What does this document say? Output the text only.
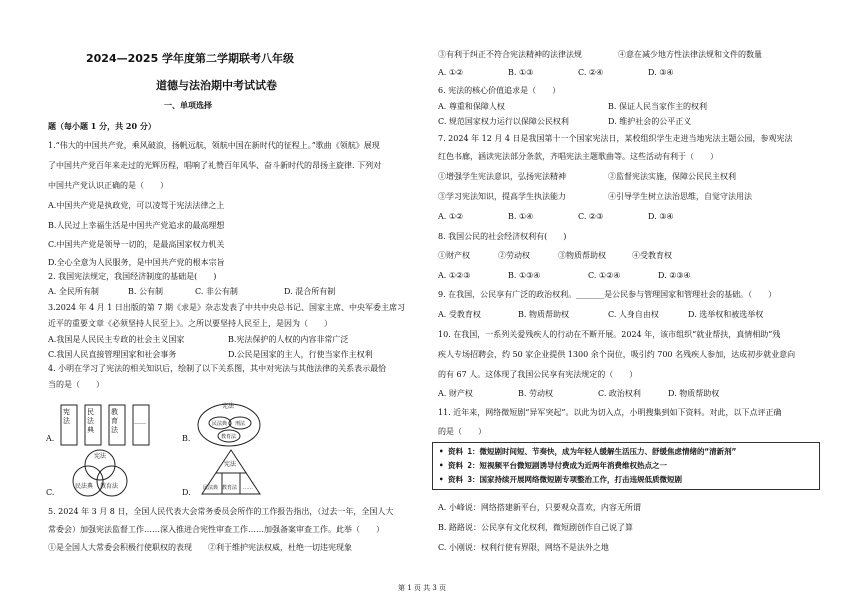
2024—2025 学年度第二学期联考八年级
道德与法治期中考试试卷
一、单项选择
题（每小题 1 分，共 20 分）
1.“伟大的中国共产党，乘风破浪，扬帆远航，领航中国在新时代的征程上。”歌曲《领航》展现
了中国共产党百年来走过的光辉历程，唱响了礼赞百年风华、奋斗新时代的昂扬主旋律. 下列对
中国共产党认识正确的是（　　）
A.中国共产党是执政党，可以凌驾于宪法法律之上
B.人民过上幸福生活是中国共产党追求的最高理想
C.中国共产党是领导一切的，是最高国家权力机关
D.全心全意为人民服务，是中国共产党的根本宗旨
2. 我国宪法规定，我国经济制度的基础是(　　)
A. 全民所有制	B. 公有制	C. 非公有制	D. 混合所有制
3.2024 年 4 月 1 日出版的第 7 期《求是》杂志发表了中共中央总书记、国家主席、中央军委主席习
近平的重要文章《必须坚持人民至上》。之所以要坚持人民至上，是因为（　　）
A.我国是人民民主专政的社会主义国家	B.宪法保护的人权的内容非常广泛
C.我国人民直接管理国家和社会事务	D.公民是国家的主人，行使当家作主权利
4. 小明在学习了宪法的相关知识后，绘制了以下关系图，其中对宪法与其他法律的关系表示最恰
当的是（　　）
A.
宪法
民法典
教育法
……
B.
宪法
民法典 刑法
教育法
C.
宪法
民法典 教育法
D.
宪法
民法典 教育法 ……
5. 2024 年 3 月 8 日，全国人民代表大会常务委员会所作的工作报告指出，（过去一年，全国人大
常委会）加强宪法监督工作……深入推进合宪性审查工作……加强备案审查工作。此举（　　）
①是全国人大常委会积极行使职权的表现 ②利于维护宪法权威，杜绝一切违宪现象
③有利于纠正不符合宪法精神的法律法规	④意在减少地方性法律法规和文件的数量
A. ①②	B. ①③	C. ②④	D. ③④
6. 宪法的核心价值追求是（　　）
A. 尊重和保障人权	B. 保证人民当家作主的权利
C. 规范国家权力运行以保障公民权利	D. 维护社会的公平正义
7. 2024 年 12 月 4 日是我国第十一个国家宪法日，某校组织学生走进当地宪法主题公园，参观宪法
红色书廊，涵读宪法部分条款，齐唱宪法主题歌曲等。这些活动有利于（　　）
①增强学生宪法意识，弘扬宪法精神	②监督宪法实施，保障公民民主权利
③学习宪法知识，提高学生执法能力	④引导学生树立法治思维，自觉守法用法
A. ①②	B. ①④	C. ②③	D. ③④
8. 我国公民的社会经济权利有(　　)
①财产权	②劳动权	③物质帮助权	④受教育权
A. ①②③	B. ①③④	C. ①②④	D. ②③④
9. 在我国，公民享有广泛的政治权利。_______是公民参与管理国家和管理社会的基础。（　　）
A. 受教育权	B. 物质帮助权	C. 人身自由权	D. 选举权和被选举权
10. 在我国，一系列关爱残疾人的行动在不断开展。2024 年，该市组织“就业帮扶，真情相助”残
疾人专场招聘会，约 50 家企业提供 1300 余个岗位，吸引约 700 名残疾人参加，达成初步就业意向
的有 67 人。这体现了我国公民享有宪法规定的（　　）
A. 财产权	B. 劳动权	C. 政治权利	D. 物质帮助权
11. 近年来，网络微短剧“异军突起”。以此为切入点，小明搜集到如下资料。对此，以下点评正确
的是（　　）
• 资料 1：微短剧时间短、节奏快，成为年轻人缓解生活压力、舒缓焦虑情绪的“清新剂”
• 资料 2：短视频平台微短剧诱导付费成为近两年消费维权热点之一
• 资料 3：国家持续开展网络微短剧专项整治工作，打击违规低质微短剧
A. 小峰说：网络搭建新平台，只要观众喜欢，内容无所谓
B. 路路说：公民享有文化权利，微短剧创作自己说了算
C. 小刚说：权利行使有界限，网络不是法外之地
第 1 页 共 3 页
